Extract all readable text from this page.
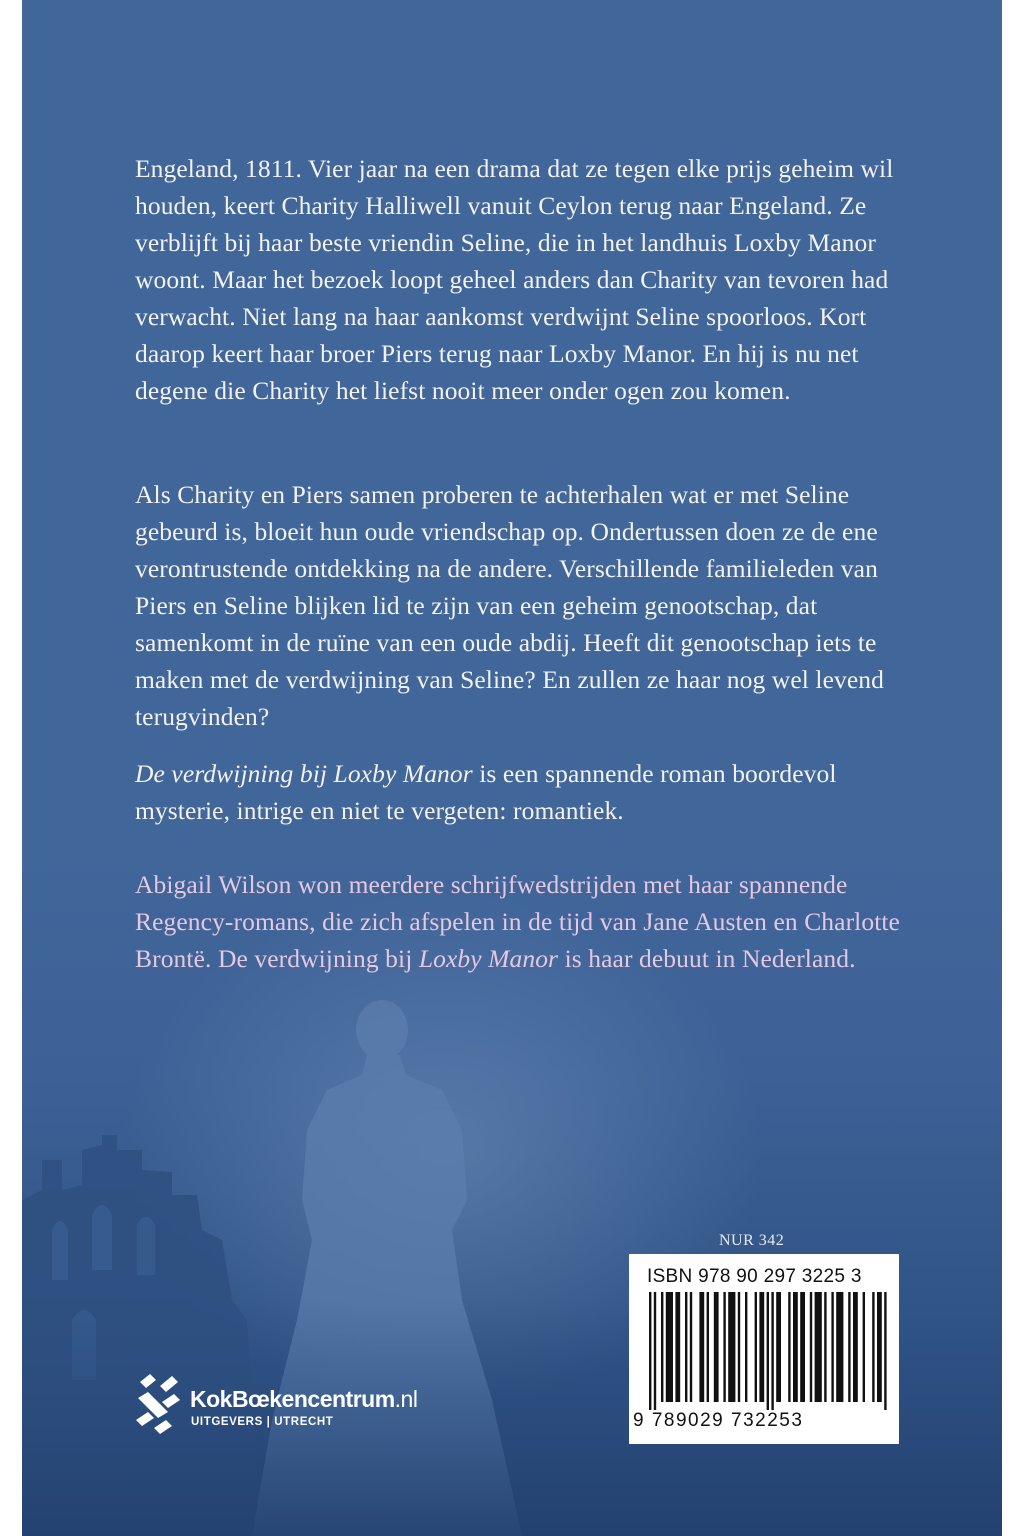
Engeland, 1811. Vier jaar na een drama dat ze tegen elke prijs geheim wil houden, keert Charity Halliwell vanuit Ceylon terug naar Engeland. Ze verblijft bij haar beste vriendin Seline, die in het landhuis Loxby Manor woont. Maar het bezoek loopt geheel anders dan Charity van tevoren had verwacht. Niet lang na haar aankomst verdwijnt Seline spoorloos. Kort daarop keert haar broer Piers terug naar Loxby Manor. En hij is nu net degene die Charity het liefst nooit meer onder ogen zou komen.

Als Charity en Piers samen proberen te achterhalen wat er met Seline gebeurd is, bloeit hun oude vriendschap op. Ondertussen doen ze de ene verontrustende ontdekking na de andere. Verschillende familieleden van Piers en Seline blijken lid te zijn van een geheim genootschap, dat samenkomt in de ruïne van een oude abdij. Heeft dit genootschap iets te maken met de verdwijning van Seline? En zullen ze haar nog wel levend terugvinden?

De verdwijning bij Loxby Manor is een spannende roman boordevol mysterie, intrige en niet te vergeten: romantiek.

Abigail Wilson won meerdere schrijfwedstrijden met haar spannende Regency-romans, die zich afspelen in de tijd van Jane Austen en Charlotte Brontë. De verdwijning bij Loxby Manor is haar debuut in Nederland.

NUR 342
ISBN 978 90 297 3225 3
9 789029 732253
KokBœkencentrum.nl
UITGEVERS | UTRECHT
